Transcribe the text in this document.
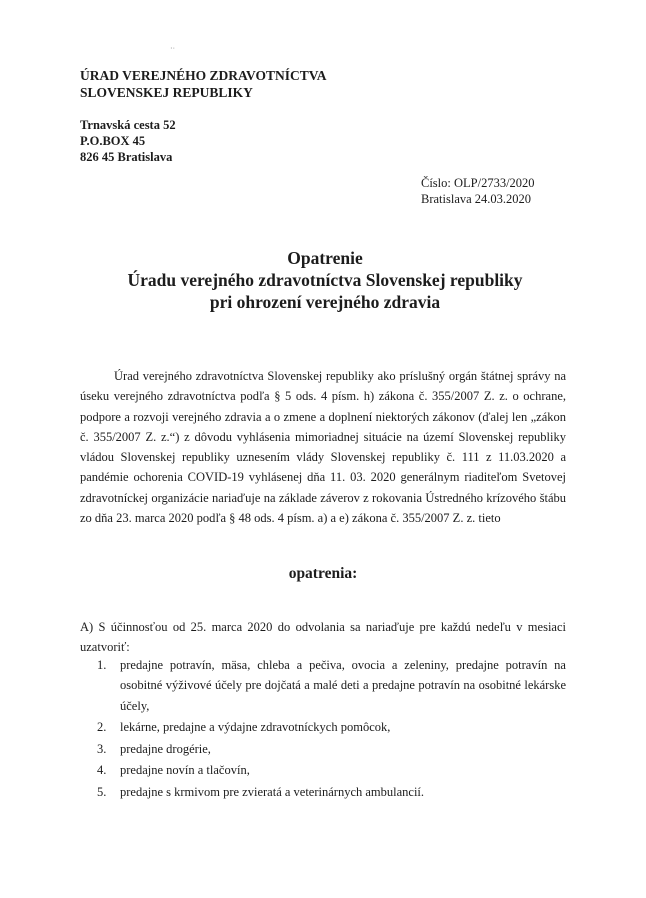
·ᐧ
ÚRAD VEREJNÉHO ZDRAVOTNÍCTVA
SLOVENSKEJ REPUBLIKY
Trnavská cesta 52
P.O.BOX 45
826 45 Bratislava
Číslo: OLP/2733/2020
Bratislava 24.03.2020
Opatrenie
Úradu verejného zdravotníctva Slovenskej republiky
pri ohrození verejného zdravia
Úrad verejného zdravotníctva Slovenskej republiky ako príslušný orgán štátnej správy na úseku verejného zdravotníctva podľa § 5 ods. 4 písm. h) zákona č. 355/2007 Z. z. o ochrane, podpore a rozvoji verejného zdravia a o zmene a doplnení niektorých zákonov (ďalej len „zákon č. 355/2007 Z. z.“) z dôvodu vyhlásenia mimoriadnej situácie na území Slovenskej republiky vládou Slovenskej republiky uznesením vlády Slovenskej republiky č. 111 z 11.03.2020 a pandémie ochorenia COVID-19 vyhlásenej dňa 11. 03. 2020 generálnym riaditeľom Svetovej zdravotníckej organizácie nariaďuje na základe záverov z rokovania Ústredného krízového štábu zo dňa 23. marca 2020 podľa § 48 ods. 4 písm. a) a e) zákona č. 355/2007 Z. z. tieto
opatrenia:
A) S účinnosťou od 25. marca 2020 do odvolania sa nariaďuje pre každú nedeľu v mesiaci uzatvoriť:
1. predajne potravín, mäsa, chleba a pečiva, ovocia a zeleniny, predajne potravín na osobitné výživové účely pre dojčatá a malé deti a predajne potravín na osobitné lekárske účely,
2. lekárne, predajne a výdajne zdravotníckych pomôcok,
3. predajne drogérie,
4. predajne novín a tlačovín,
5. predajne s krmivom pre zvieratá a veterinárnych ambulancií.
